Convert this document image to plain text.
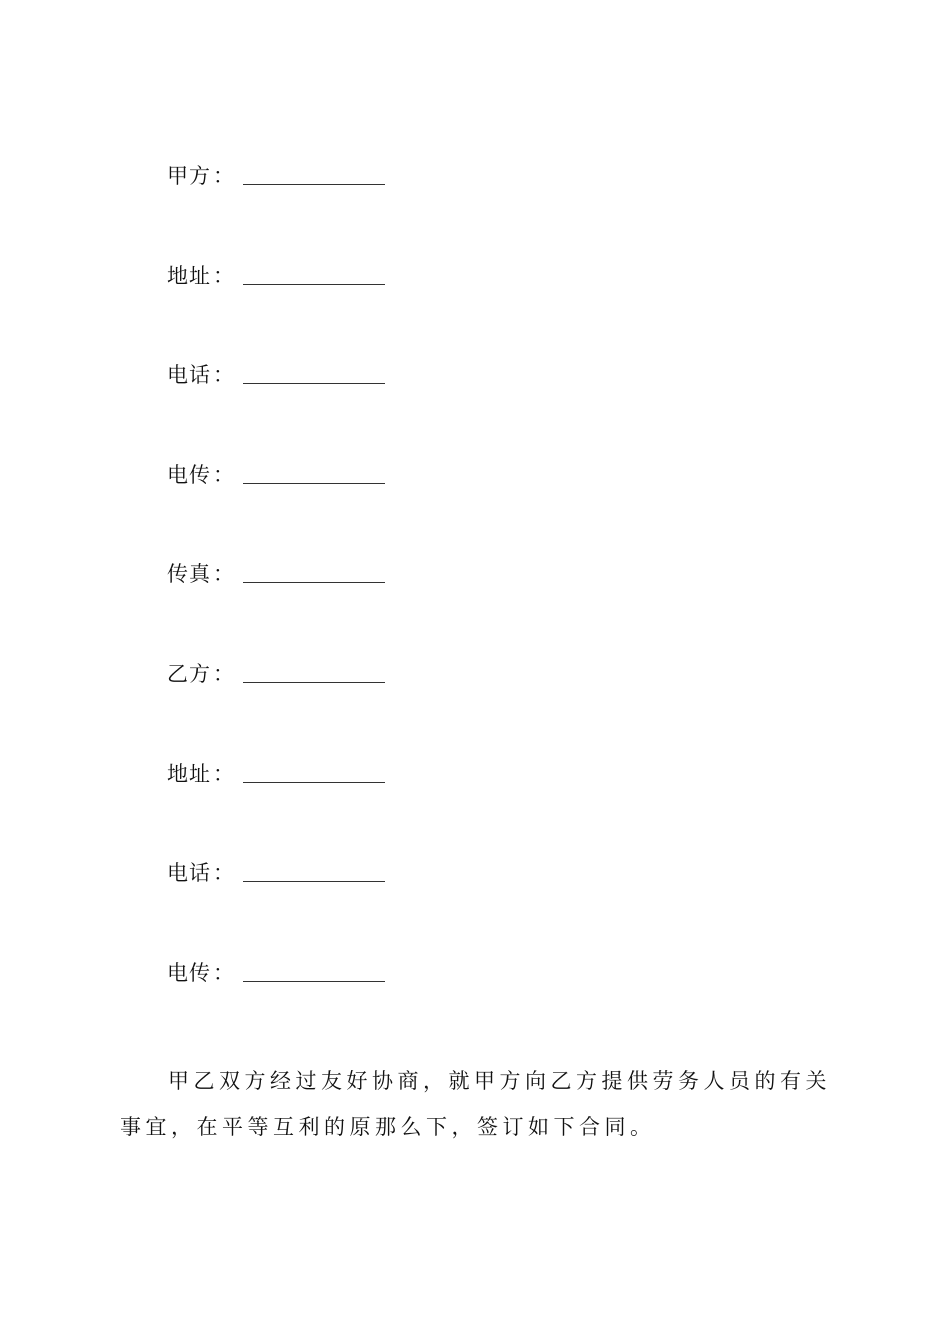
甲方 ：
地址 ：
电话 ：
电传 ：
传真 ：
乙方 ：
地址 ：
电话 ：
电传 ：

甲乙双方经过友好协商，就甲方向乙方提供劳务人员的有关事宜，在平等互利的原那么下，签订如下合同。
